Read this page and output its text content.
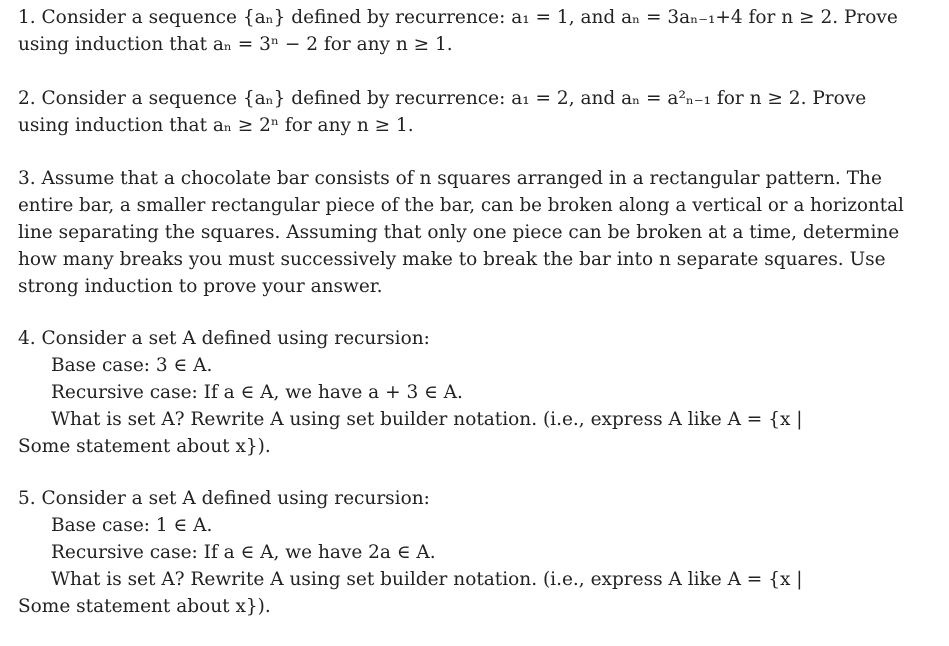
1. Consider a sequence {aₙ} defined by recurrence: a₁ = 1, and aₙ = 3aₙ₋₁+4 for n ≥ 2. Prove
using induction that aₙ = 3ⁿ − 2 for any n ≥ 1.
2. Consider a sequence {aₙ} defined by recurrence: a₁ = 2, and aₙ = a²ₙ₋₁ for n ≥ 2. Prove
using induction that aₙ ≥ 2ⁿ for any n ≥ 1.
3. Assume that a chocolate bar consists of n squares arranged in a rectangular pattern. The
entire bar, a smaller rectangular piece of the bar, can be broken along a vertical or a horizontal
line separating the squares. Assuming that only one piece can be broken at a time, determine
how many breaks you must successively make to break the bar into n separate squares. Use
strong induction to prove your answer.
4. Consider a set A defined using recursion:
Base case: 3 ∈ A.
Recursive case: If a ∈ A, we have a + 3 ∈ A.
What is set A? Rewrite A using set builder notation. (i.e., express A like A = {x |
Some statement about x}).
5. Consider a set A defined using recursion:
Base case: 1 ∈ A.
Recursive case: If a ∈ A, we have 2a ∈ A.
What is set A? Rewrite A using set builder notation. (i.e., express A like A = {x |
Some statement about x}).
